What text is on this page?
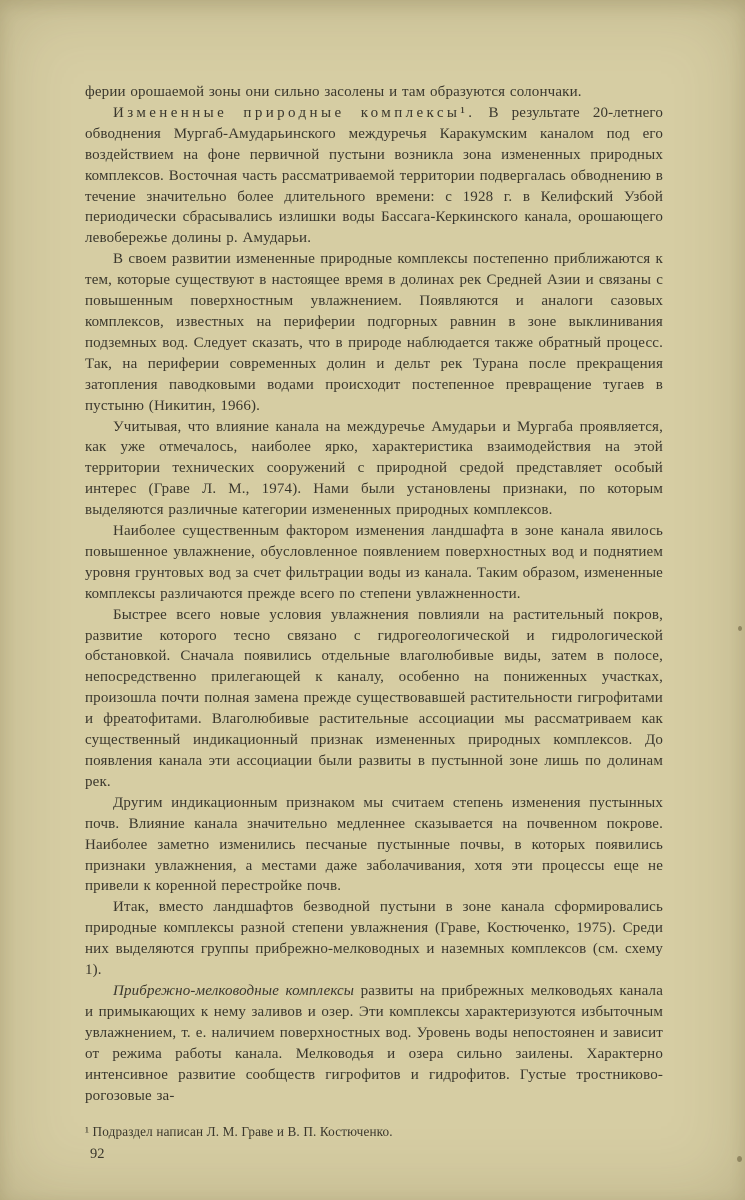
ферии орошаемой зоны они сильно засолены и там образуются солончаки.

Измененные природные комплексы¹. В результате 20-летнего обводнения Мургаб-Амударьинского междуречья Каракумским каналом под его воздействием на фоне первичной пустыни возникла зона измененных природных комплексов. Восточная часть рассматриваемой территории подвергалась обводнению в течение значительно более длительного времени: с 1928 г. в Келифский Узбой периодически сбрасывались излишки воды Бассага-Керкинского канала, орошающего левобережье долины р. Амударьи.

В своем развитии измененные природные комплексы постепенно приближаются к тем, которые существуют в настоящее время в долинах рек Средней Азии и связаны с повышенным поверхностным увлажнением. Появляются и аналоги сазовых комплексов, известных на периферии подгорных равнин в зоне выклинивания подземных вод. Следует сказать, что в природе наблюдается также обратный процесс. Так, на периферии современных долин и дельт рек Турана после прекращения затопления паводковыми водами происходит постепенное превращение тугаев в пустыню (Никитин, 1966).

Учитывая, что влияние канала на междуречье Амударьи и Мургаба проявляется, как уже отмечалось, наиболее ярко, характеристика взаимодействия на этой территории технических сооружений с природной средой представляет особый интерес (Граве Л. М., 1974). Нами были установлены признаки, по которым выделяются различные категории измененных природных комплексов.

Наиболее существенным фактором изменения ландшафта в зоне канала явилось повышенное увлажнение, обусловленное появлением поверхностных вод и поднятием уровня грунтовых вод за счет фильтрации воды из канала. Таким образом, измененные комплексы различаются прежде всего по степени увлажненности.

Быстрее всего новые условия увлажнения повлияли на растительный покров, развитие которого тесно связано с гидрогеологической и гидрологической обстановкой. Сначала появились отдельные влаголюбивые виды, затем в полосе, непосредственно прилегающей к каналу, особенно на пониженных участках, произошла почти полная замена прежде существовавшей растительности гигрофитами и фреатофитами. Влаголюбивые растительные ассоциации мы рассматриваем как существенный индикационный признак измененных природных комплексов. До появления канала эти ассоциации были развиты в пустынной зоне лишь по долинам рек.

Другим индикационным признаком мы считаем степень изменения пустынных почв. Влияние канала значительно медленнее сказывается на почвенном покрове. Наиболее заметно изменились песчаные пустынные почвы, в которых появились признаки увлажнения, а местами даже заболачивания, хотя эти процессы еще не привели к коренной перестройке почв.

Итак, вместо ландшафтов безводной пустыни в зоне канала сформировались природные комплексы разной степени увлажнения (Граве, Костюченко, 1975). Среди них выделяются группы прибрежно-мелководных и наземных комплексов (см. схему 1).

Прибрежно-мелководные комплексы развиты на прибрежных мелководьях канала и примыкающих к нему заливов и озер. Эти комплексы характеризуются избыточным увлажнением, т. е. наличием поверхностных вод. Уровень воды непостоянен и зависит от режима работы канала. Мелководья и озера сильно заилены. Характерно интенсивное развитие сообществ гигрофитов и гидрофитов. Густые тростниково-рогозовые за-

¹ Подраздел написан Л. М. Граве и В. П. Костюченко.
92
